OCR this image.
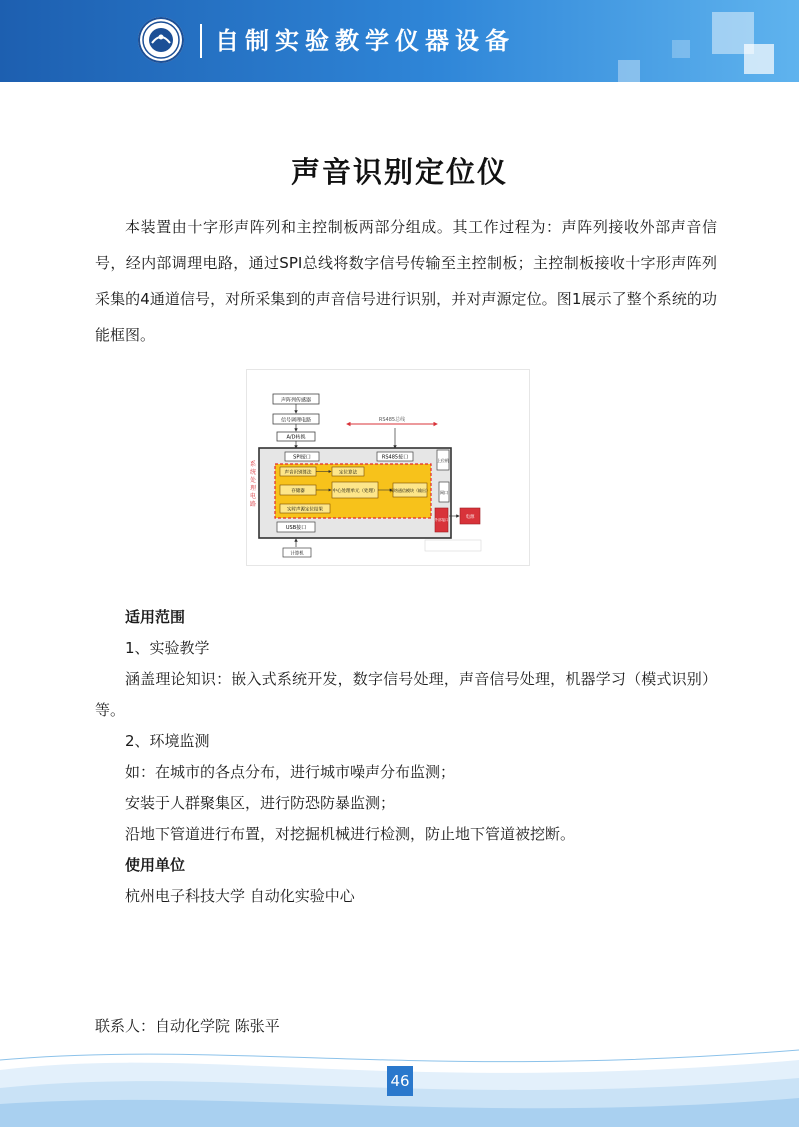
自制实验教学仪器设备
声音识别定位仪
本装置由十字形声阵列和主控制板两部分组成。其工作过程为：声阵列接收外部声音信号，经内部调理电路，通过SPI总线将数字信号传输至主控制板；主控制板接收十字形声阵列采集的4通道信号，对所采集到的声音信号进行识别，并对声源定位。图1展示了整个系统的功能框图。
声阵列传感器
信号调理电路
A/D转换
RS485总线
SPI接口	RS485接口	上位机
网口
声音识别算法	定位算法
存储器	中心处理单元（处理）	网络通信模块（输出）
实时声源定位结果
系统处理电路
USB接口
计算机
外部接口	电源
适用范围
1、实验教学
涵盖理论知识：嵌入式系统开发，数字信号处理，声音信号处理，机器学习（模式识别）等。
2、环境监测
如：在城市的各点分布，进行城市噪声分布监测；
安装于人群聚集区，进行防恐防暴监测；
沿地下管道进行布置，对挖掘机械进行检测，防止地下管道被挖断。
使用单位
杭州电子科技大学 自动化实验中心
联系人：自动化学院 陈张平
46
